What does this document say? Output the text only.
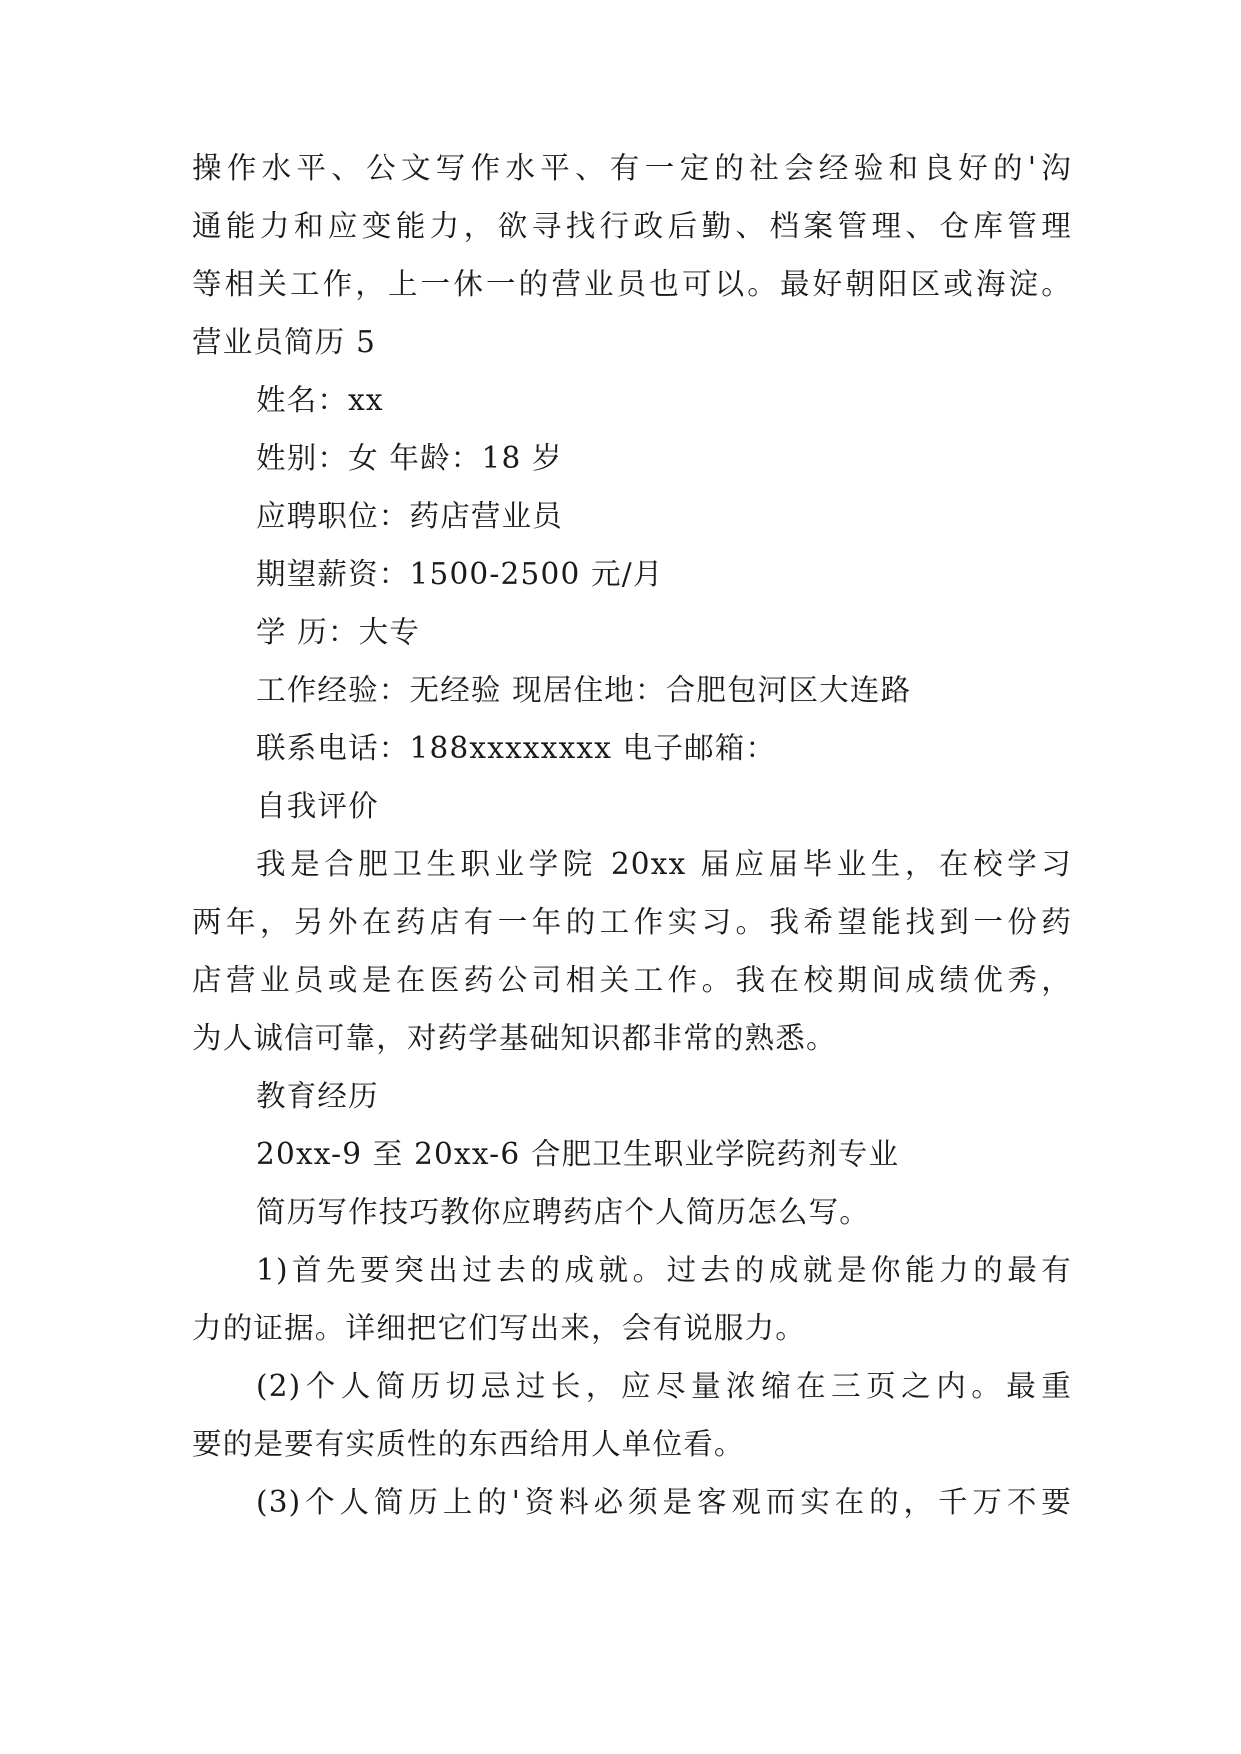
操作水平、公文写作水平、有一定的社会经验和良好的'沟
通能力和应变能力，欲寻找行政后勤、档案管理、仓库管理
等相关工作，上一休一的营业员也可以。最好朝阳区或海淀。
营业员简历 5
姓名：xx
姓别：女 年龄：18 岁
应聘职位：药店营业员
期望薪资：1500-2500 元/月
学 历：大专
工作经验：无经验 现居住地：合肥包河区大连路
联系电话：188xxxxxxxx 电子邮箱：
自我评价
我是合肥卫生职业学院 20xx 届应届毕业生，在校学习
两年，另外在药店有一年的工作实习。我希望能找到一份药
店营业员或是在医药公司相关工作。我在校期间成绩优秀，
为人诚信可靠，对药学基础知识都非常的熟悉。
教育经历
20xx-9 至 20xx-6 合肥卫生职业学院药剂专业
简历写作技巧教你应聘药店个人简历怎么写。
1)首先要突出过去的成就。过去的成就是你能力的最有
力的证据。详细把它们写出来，会有说服力。
(2)个人简历切忌过长，应尽量浓缩在三页之内。最重
要的是要有实质性的东西给用人单位看。
(3)个人简历上的'资料必须是客观而实在的，千万不要
